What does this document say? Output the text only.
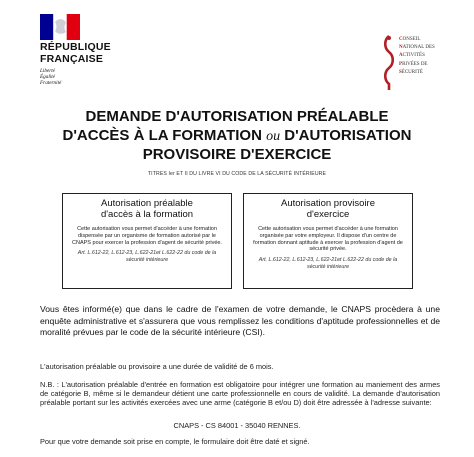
RÉPUBLIQUE
FRANÇAISE
Liberté
Égalité
Fraternité
CONSEIL
NATIONAL DES
ACTIVITÉS
PRIVÉES DE
SÉCURITÉ
DEMANDE D'AUTORISATION PRÉALABLE
D'ACCÈS À LA FORMATION ou D'AUTORISATION
PROVISOIRE D'EXERCICE
TITRES Ier ET II DU LIVRE VI DU CODE DE LA SÉCURITÉ INTÉRIEURE
Autorisation préalable
d'accès à la formation
Cette autorisation vous permet d'accéder à une formation dispensée par un organisme de formation autorisé par le CNAPS pour exercer la profession d'agent de sécurité privée.
Art. L.612-22, L.612-23, L.622-21et L.622-22 du code de la sécurité intérieure
Autorisation provisoire
d'exercice
Cette autorisation vous permet d'accéder à une formation organisée par votre employeur. Il dispose d'un centre de formation donnant aptitude à exercer la profession d'agent de sécurité privée.
Art. L.612-22, L.612-23, L.622-21et L.622-22 du code de la sécurité intérieure
Vous êtes informé(e) que dans le cadre de l'examen de votre demande, le CNAPS procèdera à une enquête administrative et s'assurera que vous remplissez les conditions d'aptitude professionnelles et de moralité prévues par le code de la sécurité intérieure (CSI).
L'autorisation préalable ou provisoire a une durée de validité de 6 mois.
N.B. : L'autorisation préalable d'entrée en formation est obligatoire pour intégrer une formation au maniement des armes de catégorie B, même si le demandeur détient une carte professionnelle en cours de validité. La demande d'autorisation préalable portant sur les activités exercées avec une arme (catégorie B et/ou D) doit être adressée à l'adresse suivante:
CNAPS - CS 84001 - 35040 RENNES.
Pour que votre demande soit prise en compte, le formulaire doit être daté et signé.
